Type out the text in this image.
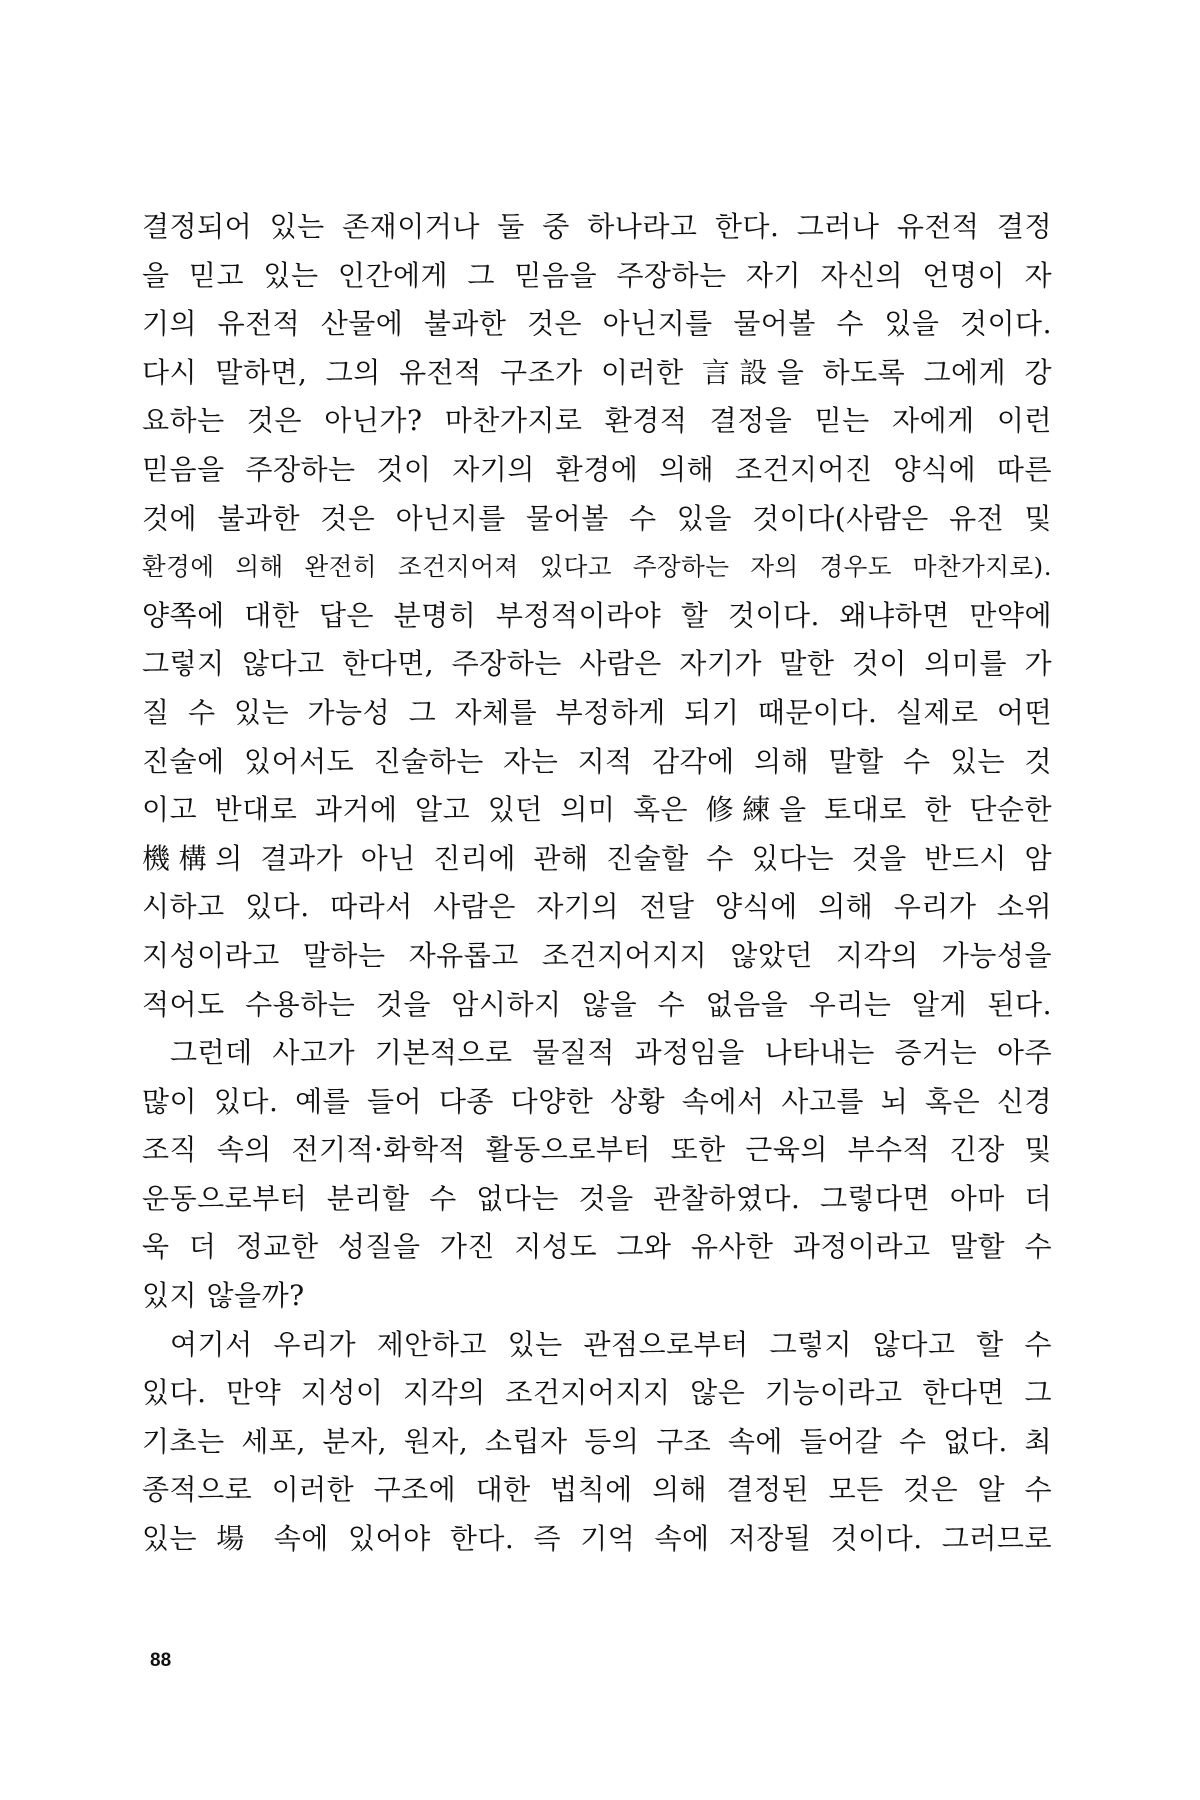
결정되어 있는 존재이거나 둘 중 하나라고 한다. 그러나 유전적 결정
을 믿고 있는 인간에게 그 믿음을 주장하는 자기 자신의 언명이 자
기의 유전적 산물에 불과한 것은 아닌지를 물어볼 수 있을 것이다.
다시 말하면, 그의 유전적 구조가 이러한 言設을 하도록 그에게 강
요하는 것은 아닌가? 마찬가지로 환경적 결정을 믿는 자에게 이런
믿음을 주장하는 것이 자기의 환경에 의해 조건지어진 양식에 따른
것에 불과한 것은 아닌지를 물어볼 수 있을 것이다(사람은 유전 및
환경에 의해 완전히 조건지어져 있다고 주장하는 자의 경우도 마찬가지로).
양쪽에 대한 답은 분명히 부정적이라야 할 것이다. 왜냐하면 만약에
그렇지 않다고 한다면, 주장하는 사람은 자기가 말한 것이 의미를 가
질 수 있는 가능성 그 자체를 부정하게 되기 때문이다. 실제로 어떤
진술에 있어서도 진술하는 자는 지적 감각에 의해 말할 수 있는 것
이고 반대로 과거에 알고 있던 의미 혹은 修練을 토대로 한 단순한
機構의 결과가 아닌 진리에 관해 진술할 수 있다는 것을 반드시 암
시하고 있다. 따라서 사람은 자기의 전달 양식에 의해 우리가 소위
지성이라고 말하는 자유롭고 조건지어지지 않았던 지각의 가능성을
적어도 수용하는 것을 암시하지 않을 수 없음을 우리는 알게 된다.
그런데 사고가 기본적으로 물질적 과정임을 나타내는 증거는 아주
많이 있다. 예를 들어 다종 다양한 상황 속에서 사고를 뇌 혹은 신경
조직 속의 전기적·화학적 활동으로부터 또한 근육의 부수적 긴장 및
운동으로부터 분리할 수 없다는 것을 관찰하였다. 그렇다면 아마 더
욱 더 정교한 성질을 가진 지성도 그와 유사한 과정이라고 말할 수
있지 않을까?
여기서 우리가 제안하고 있는 관점으로부터 그렇지 않다고 할 수
있다. 만약 지성이 지각의 조건지어지지 않은 기능이라고 한다면 그
기초는 세포, 분자, 원자, 소립자 등의 구조 속에 들어갈 수 없다. 최
종적으로 이러한 구조에 대한 법칙에 의해 결정된 모든 것은 알 수
있는 場 속에 있어야 한다. 즉 기억 속에 저장될 것이다. 그러므로
88
